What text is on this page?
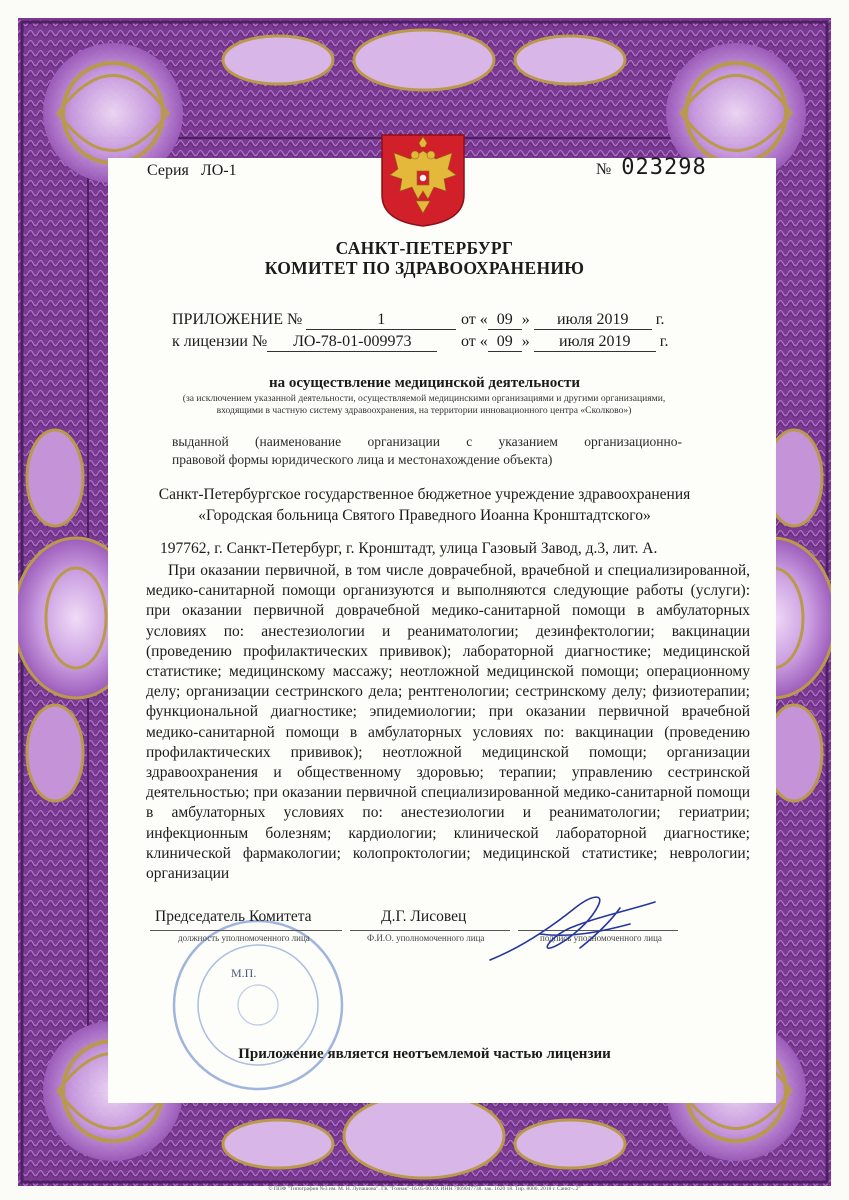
Серия ЛО-1	№ 023298
САНКТ-ПЕТЕРБУРГ
КОМИТЕТ ПО ЗДРАВООХРАНЕНИЮ
ПРИЛОЖЕНИЕ №	1	от « 09 » июля 2019 г.
к лицензии № ЛО-78-01-009973	от « 09 » июля 2019 г.
на осуществление медицинской деятельности
(за исключением указанной деятельности, осуществляемой медицинскими организациями и другими организациями, входящими в частную систему здравоохранения, на территории инновационного центра «Сколково»)
выданной (наименование организации с указанием организационно-
правовой формы юридического лица и местонахождение объекта)
Санкт-Петербургское государственное бюджетное учреждение здравоохранения
«Городская больница Святого Праведного Иоанна Кронштадтского»
197762, г. Санкт-Петербург, г. Кронштадт, улица Газовый Завод, д.3, лит. А.

При оказании первичной, в том числе доврачебной, врачебной и специализированной, медико-санитарной помощи организуются и выполняются следующие работы (услуги): при оказании первичной доврачебной медико-санитарной помощи в амбулаторных условиях по: анестезиологии и реаниматологии; дезинфектологии; вакцинации (проведению профилактических прививок); лабораторной диагностике; медицинской статистике; медицинскому массажу; неотложной медицинской помощи; операционному делу; организации сестринского дела; рентгенологии; сестринскому делу; физиотерапии; функциональной диагностике; эпидемиологии; при оказании первичной врачебной медико-санитарной помощи в амбулаторных условиях по: вакцинации (проведению профилактических прививок); неотложной медицинской помощи; организации здравоохранения и общественному здоровью; терапии; управлению сестринской деятельностью; при оказании первичной специализированной медико-санитарной помощи в амбулаторных условиях по: анестезиологии и реаниматологии; гериатрии; инфекционным болезням; кардиологии; клинической лабораторной диагностике; клинической фармакологии; колопроктологии; медицинской статистике; неврологии; организации

М.П.
Председатель Комитета	Д.Г. Лисовец
должность уполномоченного лица	Ф.И.О. уполномоченного лица	подпись уполномоченного лица
Приложение является неотъемлемой частью лицензии
© ППФ "Типография №3 им. М. Н. Лупашова". ГК "Гознак"-16.05-00.19. ИНН 7809047738. зак. 1620 18. Тир. 8000. 2018 г. Санкт-..2"
